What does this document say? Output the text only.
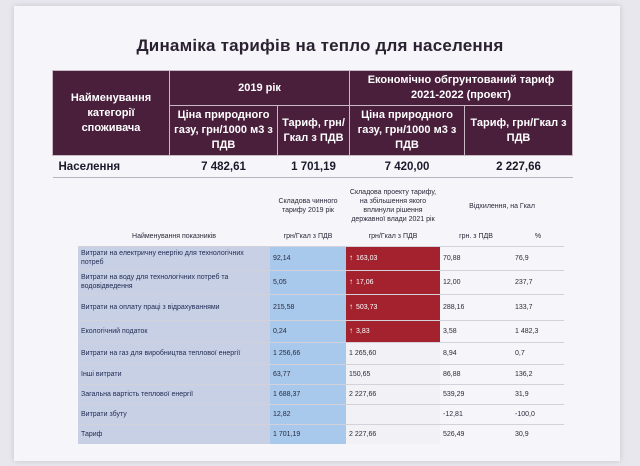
Динаміка тарифів на тепло для населення
Найменування категорії споживача	2019 рік		Економічно обгрунтований тариф 2021-2022 (проект)	
	Ціна природного газу, грн/1000 м3 з ПДВ	Тариф, грн/Гкал з ПДВ	Ціна природного газу, грн/1000 м3 з ПДВ	Тариф, грн/Гкал з ПДВ
Населення	7 482,61	1 701,19	7 420,00	2 227,66
	Складова чинного тарифу 2019 рік	Складова проекту тарифу, на збільшення якого вплинули рішення державної влади 2021 рік	Відхилення, на Гкал	
Найменування показників	грн/Гкал з ПДВ	грн/Гкал з ПДВ	грн. з ПДВ	%
Витрати на електричну енергію для технологічних потреб	92,14	↑ 163,03	70,88	76,9
Витрати на воду для технологічних потреб та водовідведення	5,05	↑ 17,06	12,00	237,7
Витрати на оплату праці з відрахуваннями	215,58	↑ 503,73	288,16	133,7
Екологічний податок	0,24	↑ 3,83	3,58	1 482,3
Витрати на газ для виробництва теплової енергії	1 256,66	1 265,60	8,94	0,7
Інші витрати	63,77	150,65	86,88	136,2
Загальна вартість теплової енергії	1 688,37	2 227,66	539,29	31,9
Витрати збуту	12,82		-12,81	-100,0
Тариф	1 701,19	2 227,66	526,49	30,9
